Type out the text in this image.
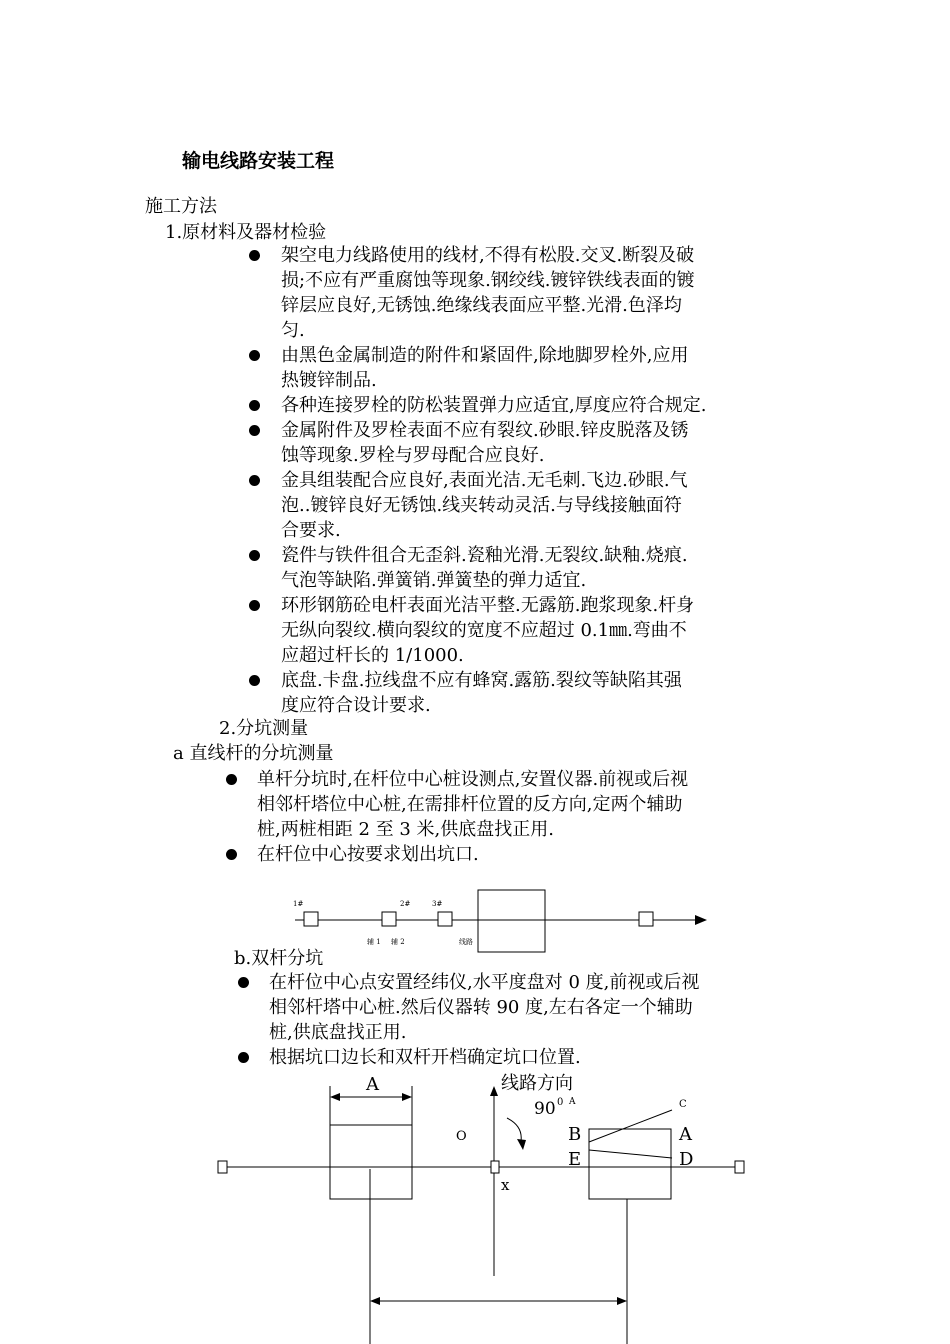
输电线路安装工程
施工方法
1.原材料及器材检验
架空电力线路使用的线材,不得有松股.交叉.断裂及破
损;不应有严重腐蚀等现象.钢绞线.镀锌铁线表面的镀
锌层应良好,无锈蚀.绝缘线表面应平整.光滑.色泽均
匀.
由黑色金属制造的附件和紧固件,除地脚罗栓外,应用
热镀锌制品.
各种连接罗栓的防松装置弹力应适宜,厚度应符合规定.
金属附件及罗栓表面不应有裂纹.砂眼.锌皮脱落及锈
蚀等现象.罗栓与罗母配合应良好.
金具组装配合应良好,表面光洁.无毛刺.飞边.砂眼.气
泡..镀锌良好无锈蚀.线夹转动灵活.与导线接触面符
合要求.
瓷件与铁件徂合无歪斜.瓷釉光滑.无裂纹.缺釉.烧痕.
气泡等缺陷.弹簧销.弹簧垫的弹力适宜.
环形钢筋砼电杆表面光洁平整.无露筋.跑浆现象.杆身
无纵向裂纹.横向裂纹的宽度不应超过 0.1㎜.弯曲不
应超过杆长的 1/1000.
底盘.卡盘.拉线盘不应有蜂窝.露筋.裂纹等缺陷其强
度应符合设计要求.
2.分坑测量
a 直线杆的分坑测量
单杆分坑时,在杆位中心桩设测点,安置仪器.前视或后视
相邻杆塔位中心桩,在需排杆位置的反方向,定两个辅助
桩,两桩相距 2 至 3 米,供底盘找正用.
在杆位中心按要求划出坑口.
1#	2#	3#
辅 1 辅 2	线路
b.双杆分坑
在杆位中心点安置经纬仪,水平度盘对 0 度,前视或后视
相邻杆塔中心桩.然后仪器转 90 度,左右各定一个辅助
桩,供底盘找正用.
根据坑口边长和双杆开档确定坑口位置.
A	线路方向
90 0 A	C
O	B	A
E	D
x
